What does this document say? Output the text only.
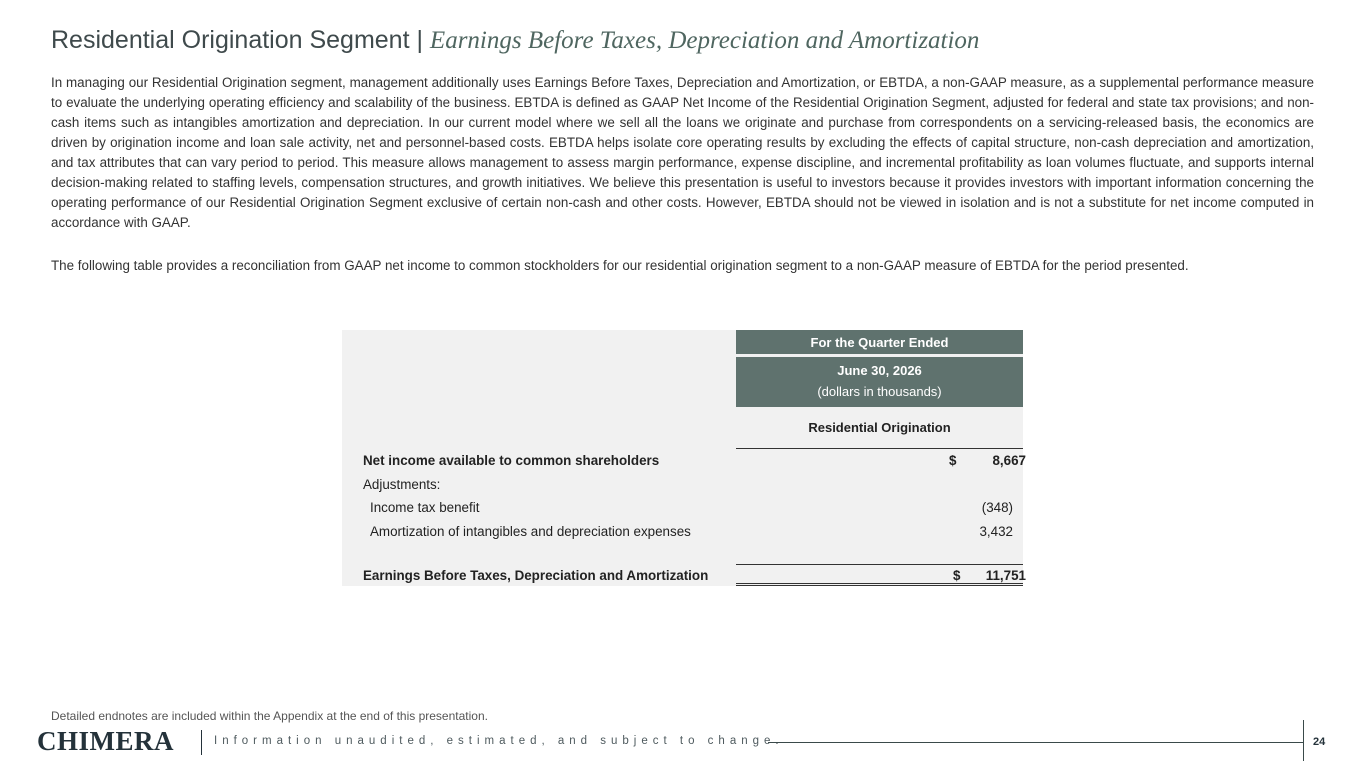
Residential Origination Segment | Earnings Before Taxes, Depreciation and Amortization
In managing our Residential Origination segment, management additionally uses Earnings Before Taxes, Depreciation and Amortization, or EBTDA, a non-GAAP measure, as a supplemental performance measure to evaluate the underlying operating efficiency and scalability of the business. EBTDA is defined as GAAP Net Income of the Residential Origination Segment, adjusted for federal and state tax provisions; and non-cash items such as intangibles amortization and depreciation. In our current model where we sell all the loans we originate and purchase from correspondents on a servicing-released basis, the economics are driven by origination income and loan sale activity, net and personnel-based costs. EBTDA helps isolate core operating results by excluding the effects of capital structure, non-cash depreciation and amortization, and tax attributes that can vary period to period. This measure allows management to assess margin performance, expense discipline, and incremental profitability as loan volumes fluctuate, and supports internal decision-making related to staffing levels, compensation structures, and growth initiatives. We believe this presentation is useful to investors because it provides investors with important information concerning the operating performance of our Residential Origination Segment exclusive of certain non-cash and other costs. However, EBTDA should not be viewed in isolation and is not a substitute for net income computed in accordance with GAAP.
The following table provides a reconciliation from GAAP net income to common stockholders for our residential origination segment to a non-GAAP measure of EBTDA for the period presented.
For the Quarter Ended
June 30, 2026
(dollars in thousands)
Residential Origination
Net income available to common shareholders	$	8,667
Adjustments:
Income tax benefit	(348)
Amortization of intangibles and depreciation expenses	3,432
Earnings Before Taxes, Depreciation and Amortization	$ 11,751
Detailed endnotes are included within the Appendix at the end of this presentation.
CHIMERA	Information unaudited, estimated, and subject to change.	24
